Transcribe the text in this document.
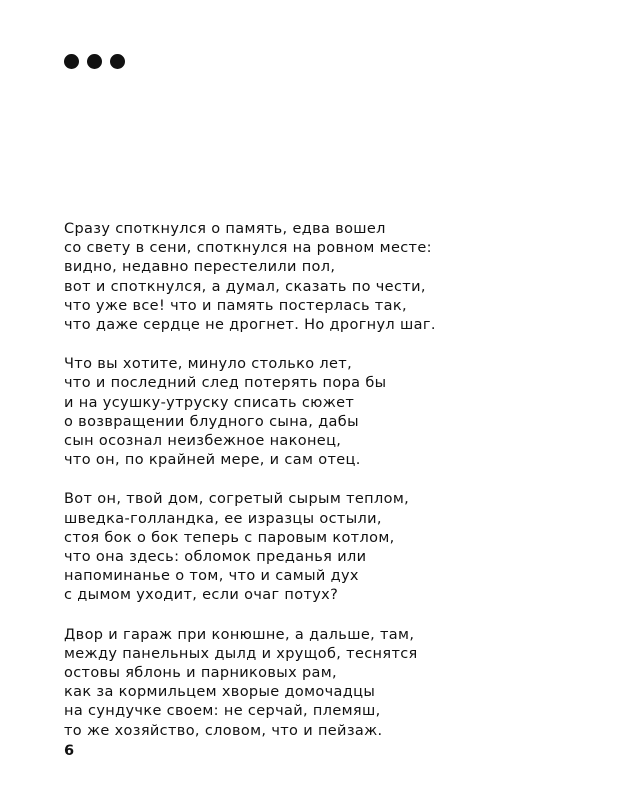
Сразу споткнулся о память, едва вошел
со свету в сени, споткнулся на ровном месте:
видно, недавно перестелили пол,
вот и споткнулся, а думал, сказать по чести,
что уже все! что и память постерлась так,
что даже сердце не дрогнет. Но дрогнул шаг.
Что вы хотите, минуло столько лет,
что и последний след потерять пора бы
и на усушку-утруску списать сюжет
о возвращении блудного сына, дабы
сын осознал неизбежное наконец,
что он, по крайней мере, и сам отец.
Вот он, твой дом, согретый сырым теплом,
шведка-голландка, ее изразцы остыли,
стоя бок о бок теперь с паровым котлом,
что она здесь: обломок преданья или
напоминанье о том, что и самый дух
с дымом уходит, если очаг потух?
Двор и гараж при конюшне, а дальше, там,
между панельных дылд и хрущоб, теснятся
остовы яблонь и парниковых рам,
как за кормильцем хворые домочадцы
на сундучке своем: не серчай, племяш,
то же хозяйство, словом, что и пейзаж.
6
